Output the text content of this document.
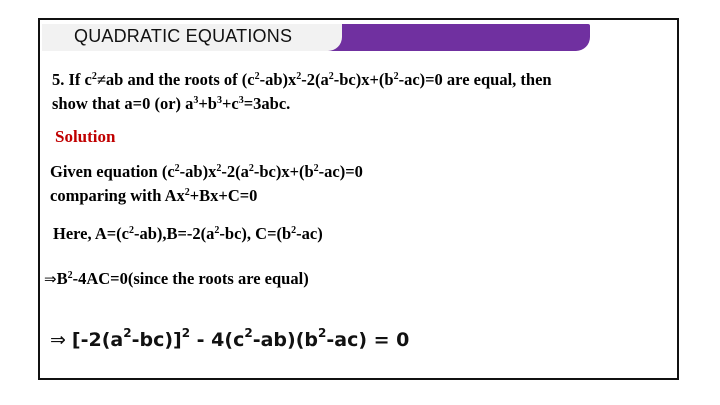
QUADRATIC EQUATIONS
5. If $c^2\ne ab$ and the roots of $(c^2-ab)x^2-2(a^2-bc)x+(b^2-ac)=0$ are equal, then
show that a=0 (or) $a^3+b^3+c^3=3abc$.
Solution
Given equation $(c^2-ab)x^2-2(a^2-bc)x+(b^2-ac)=0$
comparing with $Ax^2+Bx+C=0$
Here, $A=(c^2-ab),B=-2(a^2-bc)$, $C=(b^2-ac)$
$\Rightarrow B^2-4AC=0(since$ the roots are equal)
⇒ $[-2(a^2-bc)]^2 - 4(c^2-ab)(b^2-ac) = 0$
